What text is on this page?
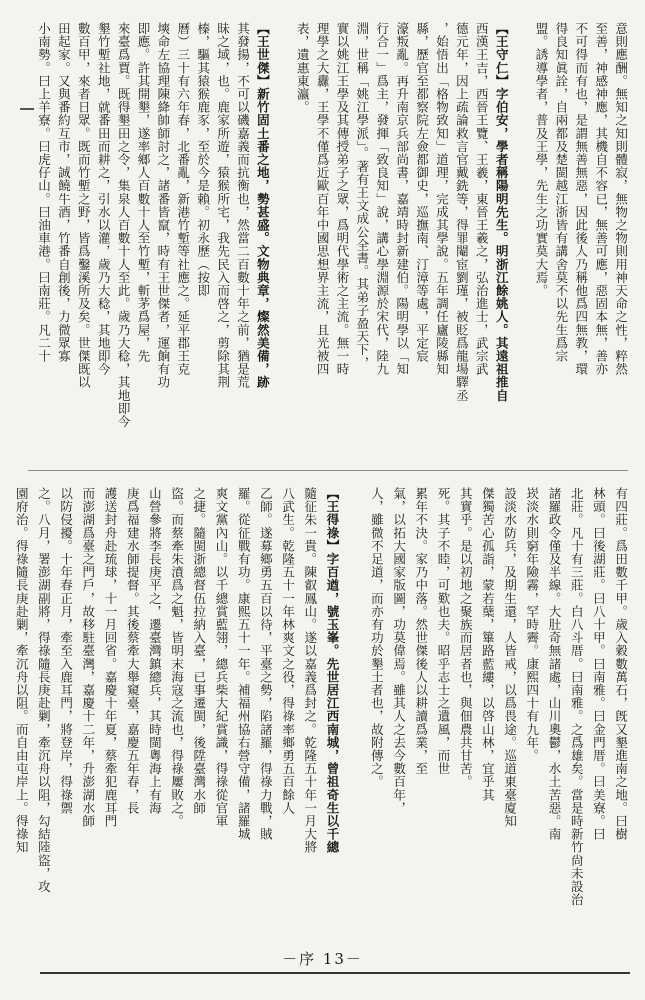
意則應酬。無知之知則體寂，無物之物則用神天命之性，粹然
至善，神感神應，其機自不容已，無善可應，惡固本無，善亦
不可得而有也，是謂無善無惡，因此後人乃稱他爲四無教，環
得良知眞詮，自兩都及楚閩越江浙皆有講舍莫不以先生爲宗
盟。誘導學者，普及王學，先生之功實莫大焉。
【王守仁】字伯安，學者稱陽明先生。明浙江餘姚人。其遠祖推自
西漢王吉，西晉王覽、王羲，東晉王羲之，弘治進士，武宗武
德元年，因上疏論救言官戴銑等，得罪閹宦劉瑾，被貶爲龍場驛丞
，始悟出「格物致知」道理，完成其學說。五年調任廬陵縣知
縣，歷官至都察院左僉都御史，巡撫南、汀漳等處，平定宸
濠叛亂。再升南京兵部尚書，嘉靖時封新建伯。陽明學以「知
行合一」爲主，發揮「致良知」說，講心學淵源於宋代，陸九
淵，世稱「姚江學派」。著有王文成公全書。其弟子盈天下，
實以姚江王學及其傳授弟子之眾，爲明代學術之主流。無一時
理學之大纛，王學不僅爲近歐百年中國思想界主流，且光被四
表，遺惠東瀛。
【王世傑】新竹固土番之地，勢甚盛。文物典章，燦然美備，跡
其發揚，不可以磯嘉義而抗衡也，然當二百數十年之前，猶是荒
昧之域，也。鹿家所遊，猿猴所宅，我先民入而啓之，剪除其荆
榛，驅其猿猴鹿豕，至於今是賴。初永歷（按即
曆）三十有六年春，北番亂，新港竹塹等社應之。延平郡王克
塽命左協理陳絳帥師討之，諸番皆竄，時有王世傑者，運餉有功
即應。許其開墾，遂率鄉人百數十人至竹塹，斬茅爲屋，先
來臺爲賈。既得墾田之令，集泉人百數十人至此。歲乃大稔，其地即今
墾竹塹社地，就番田而耕之，引水以灌，歲乃大稔，其地即今
數百甲，來者日眾。既而竹塹之野，皆爲鑿溪所及矣。世傑既以
田起家。又與番約互市，誠饒牛酒，竹番自創後，力微眾寡
小南勢。曰上羊寮。曰虎仔山。曰油車港。曰南莊。凡二十
有四莊。爲田數千甲。歲入穀數萬石，旣又墾進南之地。曰樹
林頭。曰後湖莊。曰八十甲。曰南雅。曰金門厝。曰美寮。曰
北莊。凡十有三莊。白八斗厝。曰南雅。之爲雄矣。當是時新竹尙未設治
諸羅政令僅及半線。大肚奇無諸處，山川奧鬱，水土苦惡。南
崁淡水則窮年險霧，罕時霽。康熙四十有九年。
設淡水防兵，及期生還，人皆戒，以爲畏途。巡道東臺廈知
傑獨苦心孤詣，蒙若蘖，篳路藍縷，以啓山林，宜乎其
其實乎。是以初地之聚族而居者也，與佃農共甘苦。
死。其子不睦，可歎也夫。昭乎志士之遺風，而世
累年不決。家乃中落。然世傑後人以耕讀爲業，至
氣，以拓大國家版圖，功莫偉焉。雖其人之去今數百年，
人，雖微不足道，而亦有功於墾土者也，故附傳之。
【王得祿】字百遒，號玉峯。先世居江西南城，曾祖奇生以千總
隨征朱一貴。陳叡鳳山。遂以嘉義爲封之。乾隆五十年一月大將
八武生。乾隆五十一年林爽文之役，得祿率鄉勇五百餘人
乙師。遂募鄉勇五百以待，平臺之勢，陷諸羅，得祿力戰，賊
羅。從征戰有功。康熙五十一年。補福州協右營守備，諸羅城
爽文黨內山。以千總賞藍翎，總兵柴大紀賞識，得祿從官軍
之捷。隨閩浙總督伍拉納入臺，已事遷閩，後陞臺灣水師
盜。而蔡牽朱濆爲之魁，皆明末海寇之流也，得祿屢敗之。
山營參將李長庚平之，遷臺灣鎮總兵，其時閩粵海上有海
庚爲福建水師提督。其後蔡牽大舉窺臺，嘉慶五年春，長
護送封舟赴琉球，十一月回省。嘉慶十年夏，蔡牽犯鹿耳門
而澎湖爲臺之門戶，故移駐臺灣，嘉慶十二年，升澎湖水師
以防侵擾。十年春正月，牽至入鹿耳門，將登岸，得祿禦
之。八月，署澎湖副將，得祿隨長庚赴剿，牽沉舟以阻，勾結陸盜，攻
園府治。得祿隨長庚赴剿，牽沉舟以阻。而自由屯岸上。得祿知
－序 13－
